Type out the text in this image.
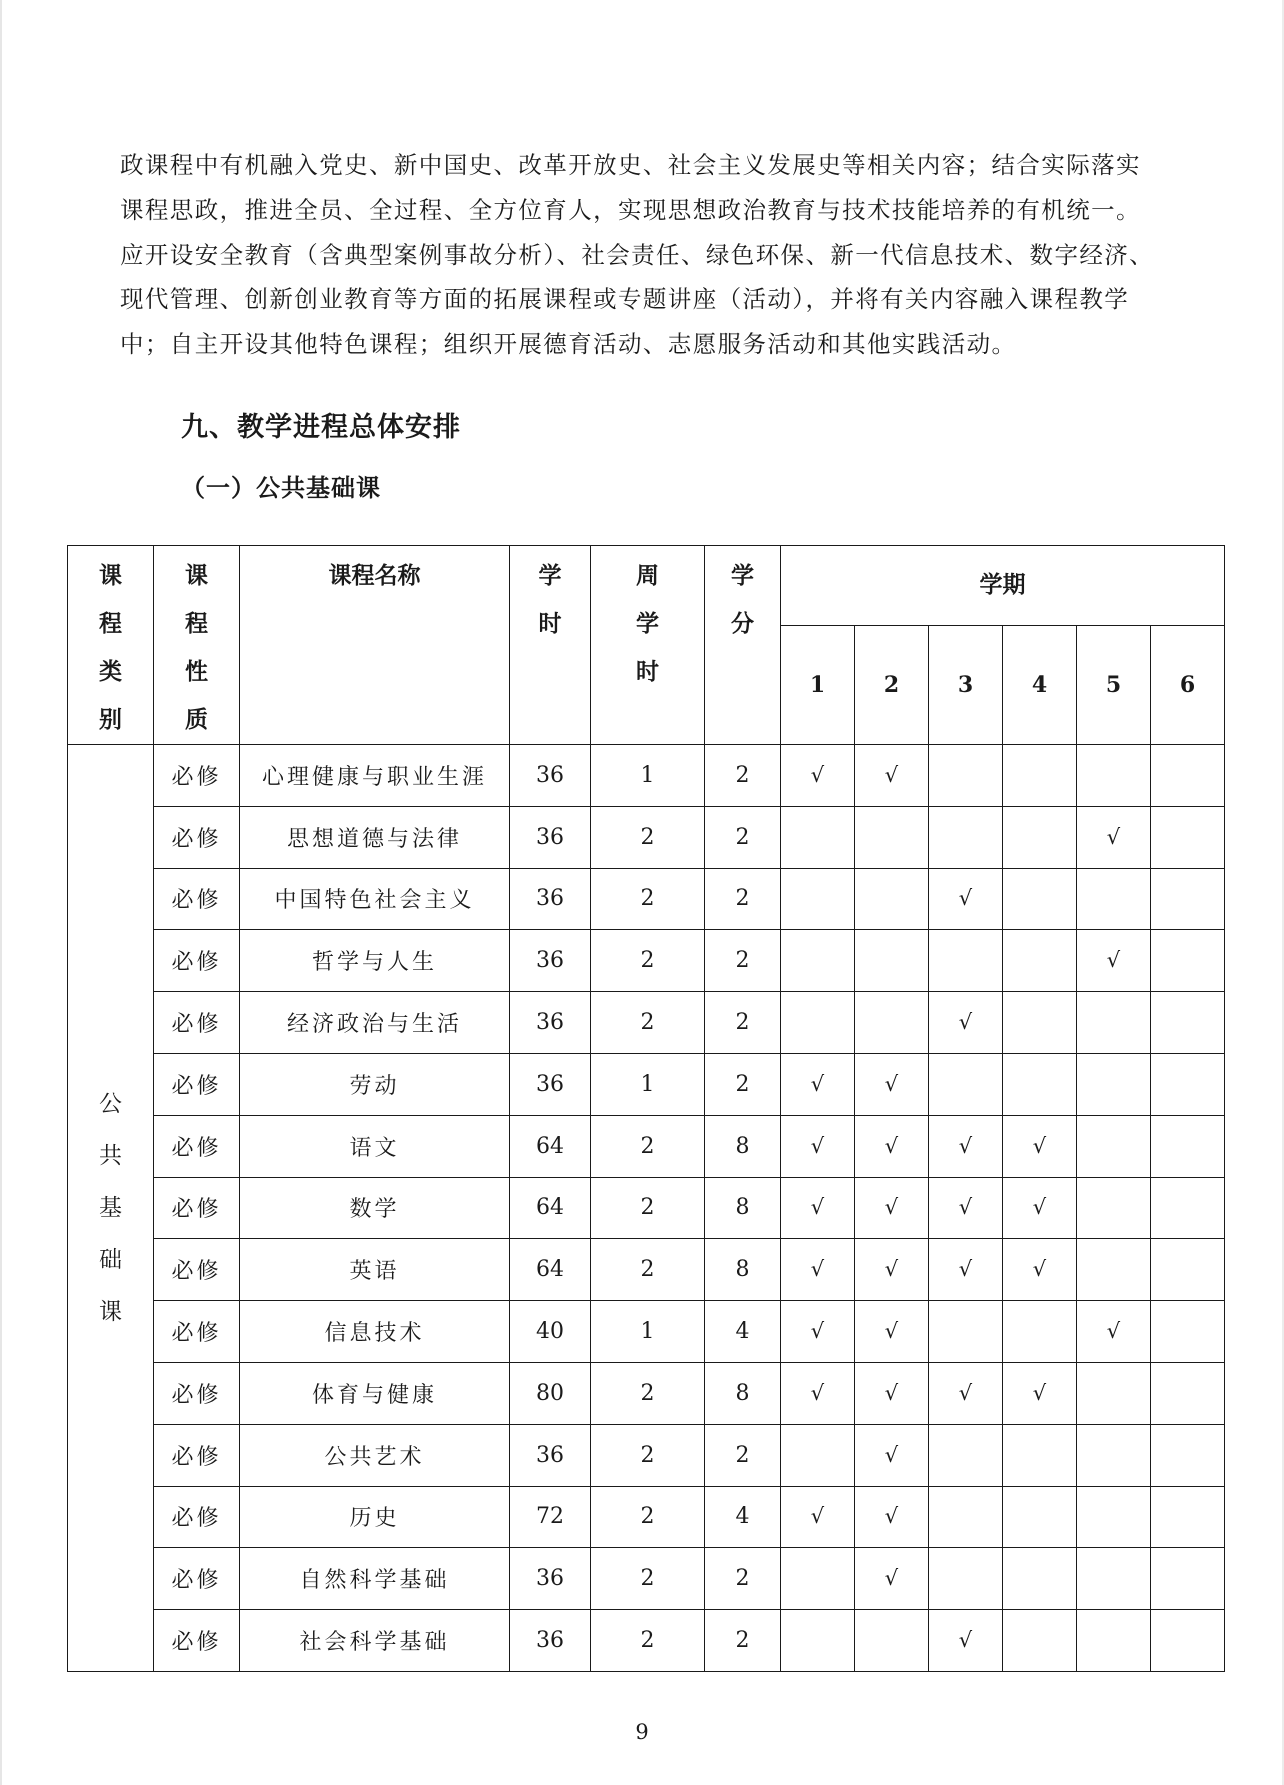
政课程中有机融入党史、新中国史、改革开放史、社会主义发展史等相关内容；结合实际落实

课程思政，推进全员、全过程、全方位育人，实现思想政治教育与技术技能培养的有机统一。

应开设安全教育（含典型案例事故分析）、社会责任、绿色环保、新一代信息技术、数字经济、

现代管理、创新创业教育等方面的拓展课程或专题讲座（活动），并将有关内容融入课程教学

中；自主开设其他特色课程；组织开展德育活动、志愿服务活动和其他实践活动。

九、教学进程总体安排
（一）公共基础课
课程类别	课程性质	课程名称	学时	周学时	学分	学期					
						1	2	3	4	5	6
公共基础课	必修	心理健康与职业生涯	36	1	2	√	√				
	必修	思想道德与法律	36	2	2					√	
	必修	中国特色社会主义	36	2	2			√			
	必修	哲学与人生	36	2	2					√	
	必修	经济政治与生活	36	2	2			√			
	必修	劳动	36	1	2	√	√				
	必修	语文	64	2	8	√	√	√	√		
	必修	数学	64	2	8	√	√	√	√		
	必修	英语	64	2	8	√	√	√	√		
	必修	信息技术	40	1	4	√	√			√	
	必修	体育与健康	80	2	8	√	√	√	√		
	必修	公共艺术	36	2	2		√				
	必修	历史	72	2	4	√	√				
	必修	自然科学基础	36	2	2		√				
	必修	社会科学基础	36	2	2			√			
9
